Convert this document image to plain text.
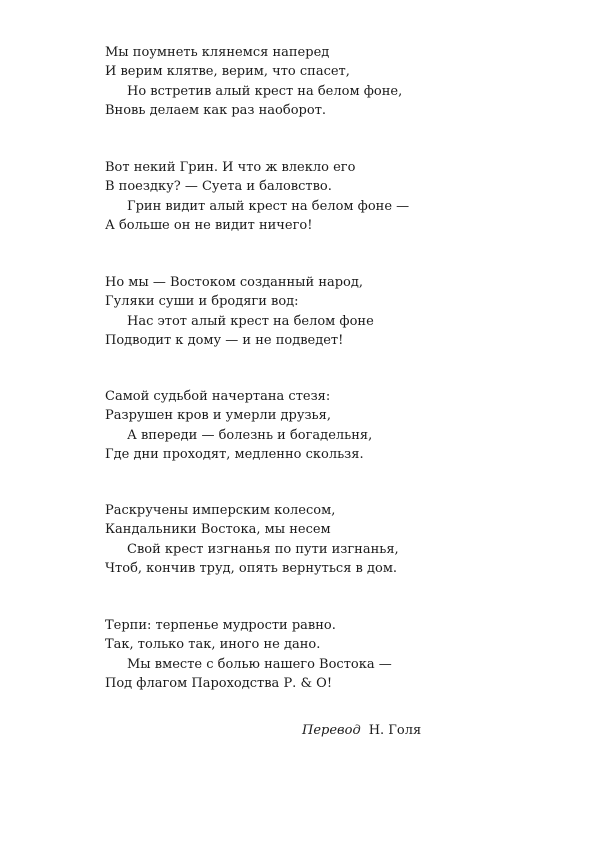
Мы поумнеть клянемся наперед
И верим клятве, верим, что спасет,
Но встретив алый крест на белом фоне,
Вновь делаем как раз наоборот.
Вот некий Грин. И что ж влекло его
В поездку? — Суета и баловство.
Грин видит алый крест на белом фоне —
А больше он не видит ничего!
Но мы — Востоком созданный народ,
Гуляки суши и бродяги вод:
Нас этот алый крест на белом фоне
Подводит к дому — и не подведет!
Самой судьбой начертана стезя:
Разрушен кров и умерли друзья,
А впереди — болезнь и богадельня,
Где дни проходят, медленно скользя.
Раскручены имперским колесом,
Кандальники Востока, мы несем
Свой крест изгнанья по пути изгнанья,
Чтоб, кончив труд, опять вернуться в дом.
Терпи: терпенье мудрости равно.
Так, только так, иного не дано.
Мы вместе с болью нашего Востока —
Под флагом Пароходства Р. & O!
Перевод Н. Голя
